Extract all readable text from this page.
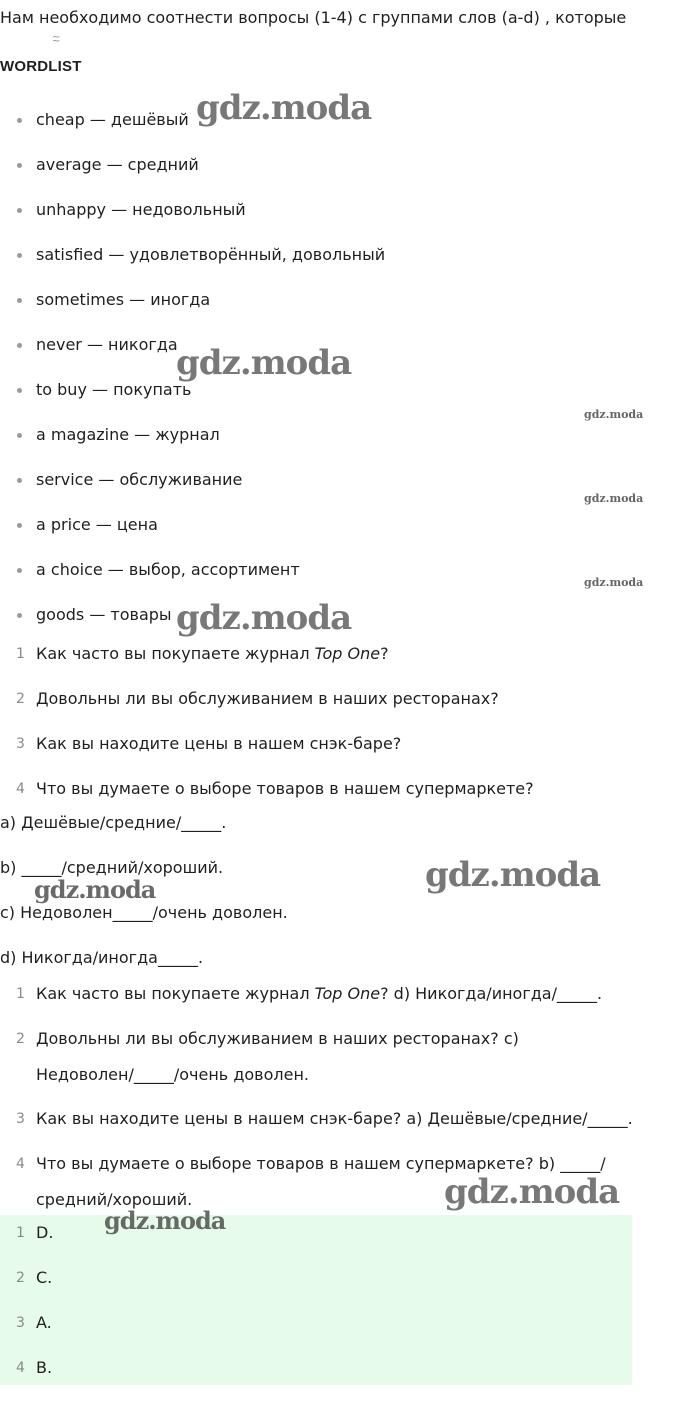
Нам необходимо соотнести вопросы (1-4) с группами слов (a-d) , которые
~ ~
WORDLIST
cheap — дешёвый
average — средний
unhappy — недовольный
satisfied — удовлетворённый, довольный
sometimes — иногда
never — никогда
to buy — покупать
a magazine — журнал
service — обслуживание
a price — цена
a choice — выбор, ассортимент
goods — товары
1 Как часто вы покупаете журнал Top One?
2 Довольны ли вы обслуживанием в наших ресторанах?
3 Как вы находите цены в нашем снэк-баре?
4 Что вы думаете о выборе товаров в нашем супермаркете?
a) Дешёвые/средние/_____.
b) _____/средний/хороший.
c) Недоволен_____/очень доволен.
d) Никогда/иногда_____.
1 Как часто вы покупаете журнал Top One? d) Никогда/иногда/_____.
2 Довольны ли вы обслуживанием в наших ресторанах? c) Недоволен/_____/очень доволен.
3 Как вы находите цены в нашем снэк-баре? a) Дешёвые/средние/_____.
4 Что вы думаете о выборе товаров в нашем супермаркете? b) _____/ средний/хороший.
1 D.
2 C.
3 A.
4 B.
gdz.moda
gdz.moda
gdz.moda
gdz.moda
gdz.moda
gdz.moda
gdz.moda
gdz.moda
gdz.moda
gdz.moda
